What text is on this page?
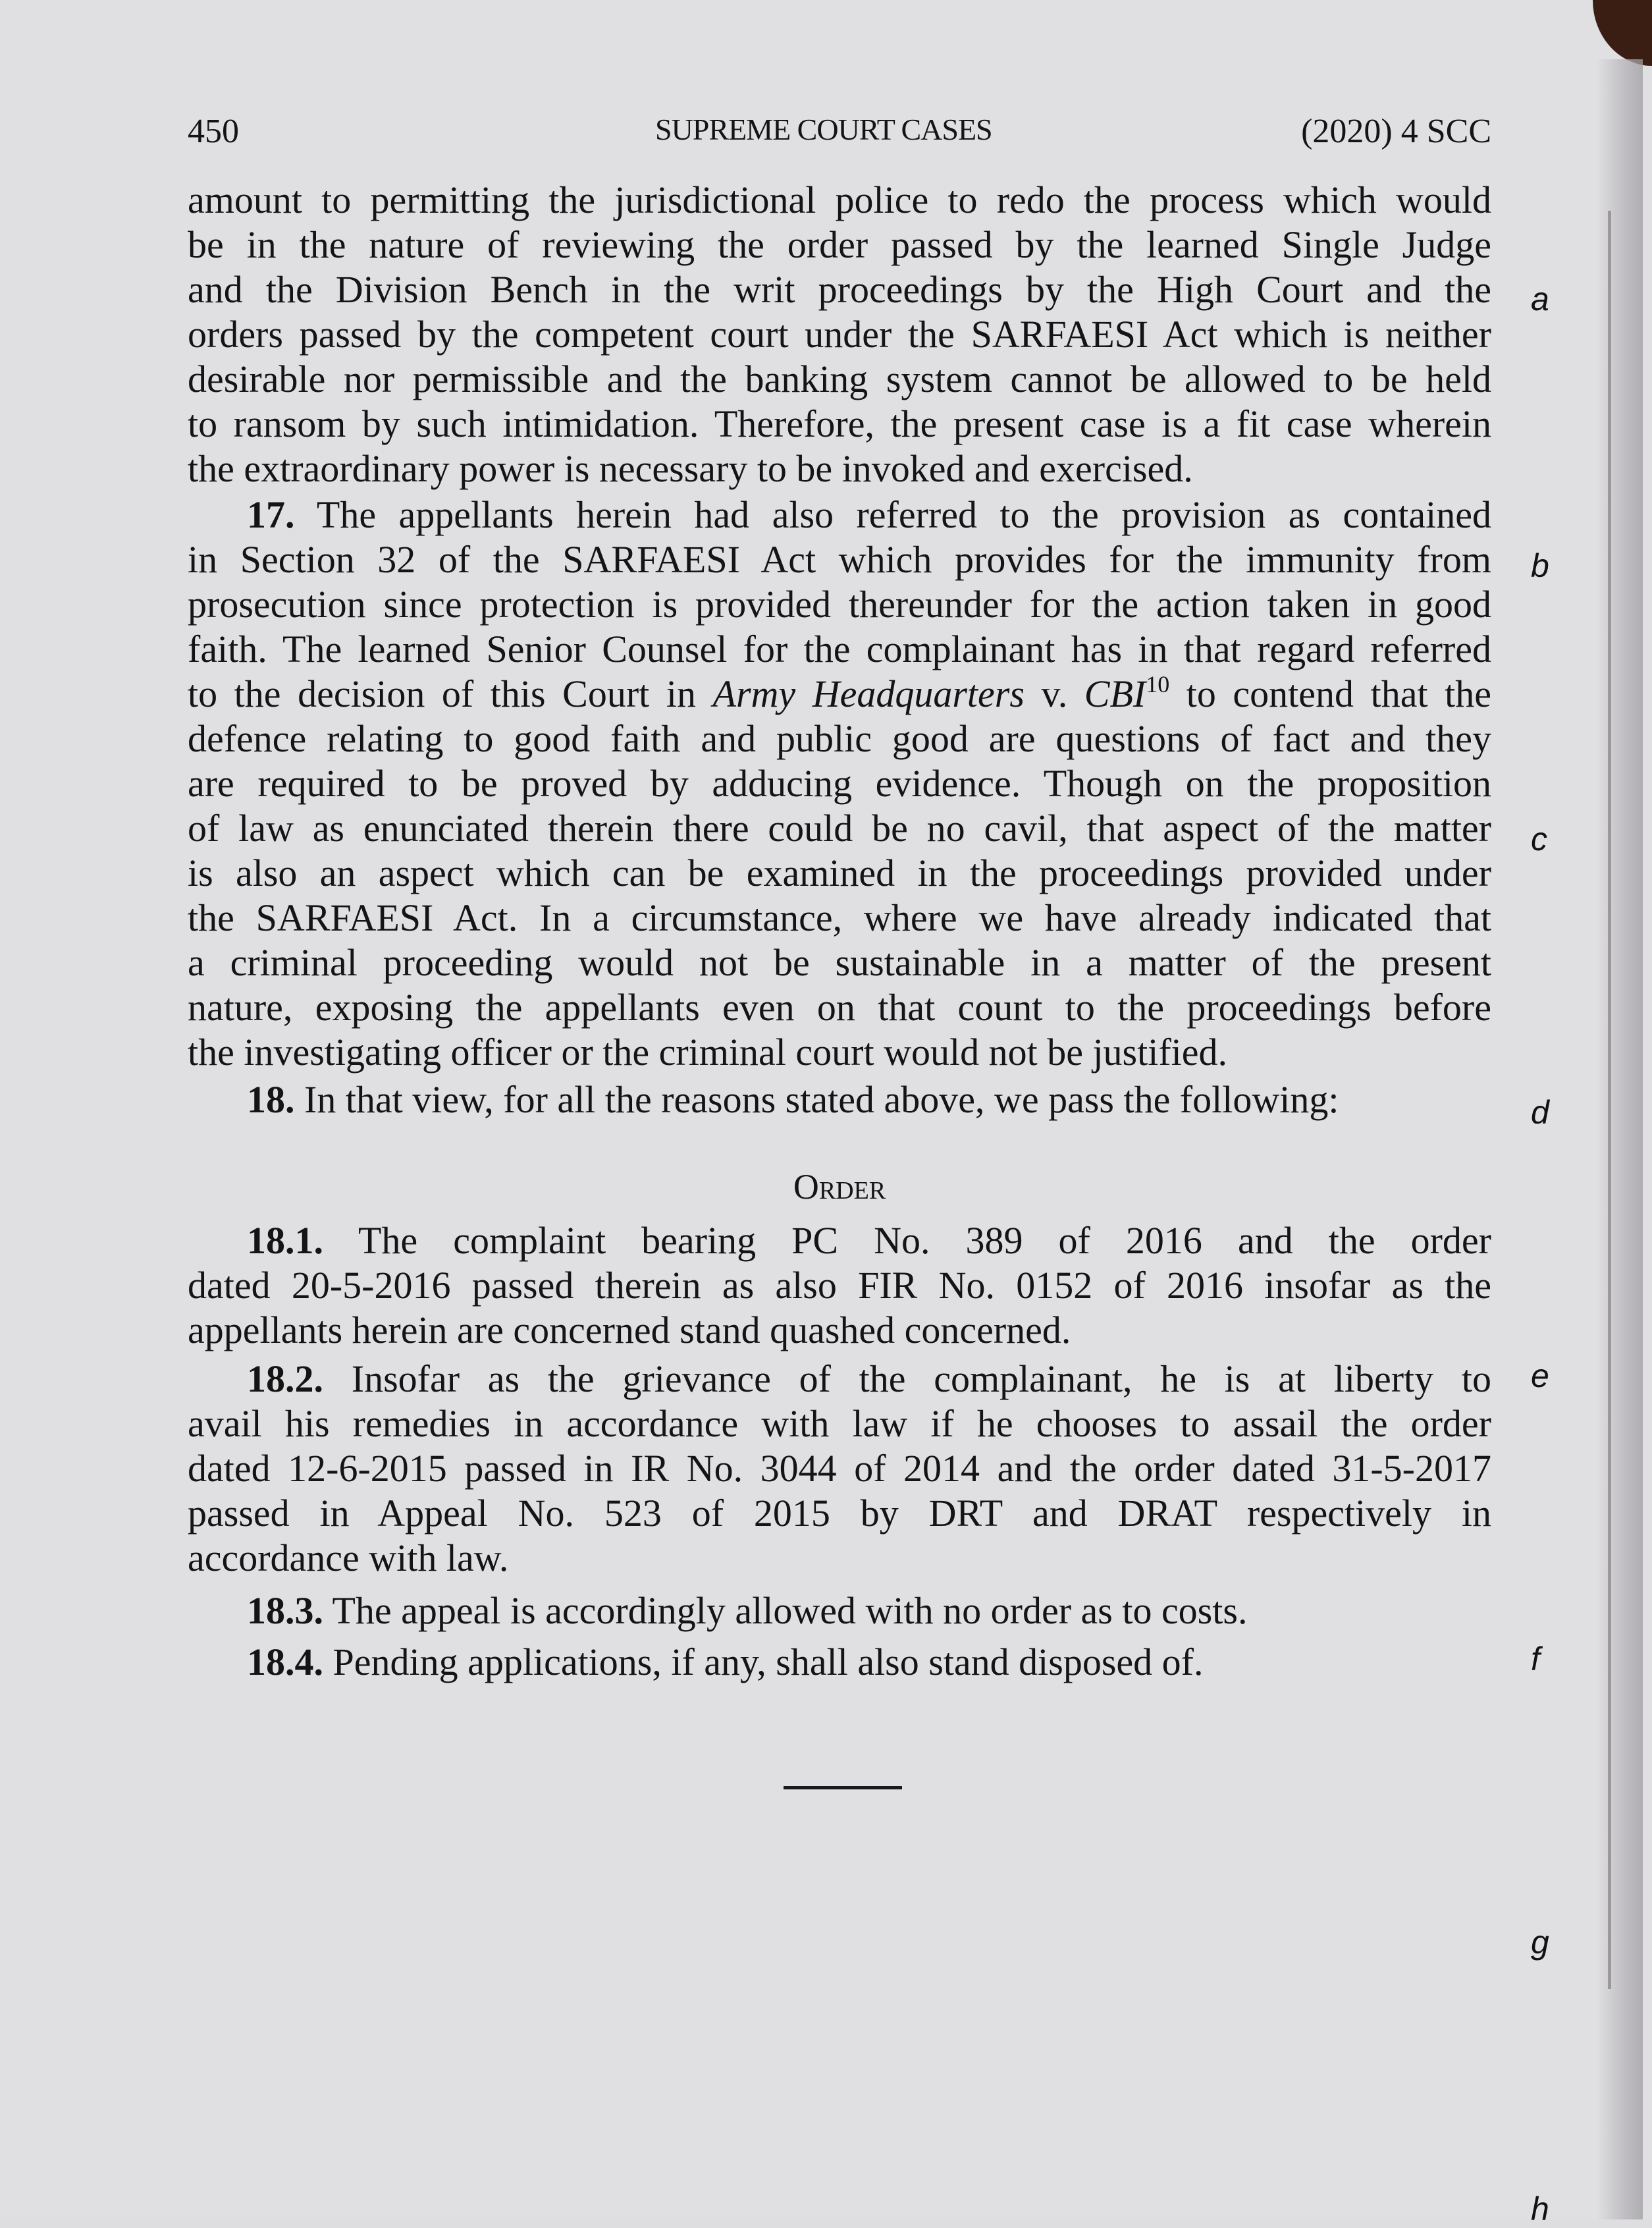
450	SUPREME COURT CASES	(2020) 4 SCC
amount to permitting the jurisdictional police to redo the process which would
be in the nature of reviewing the order passed by the learned Single Judge
and the Division Bench in the writ proceedings by the High Court and the
orders passed by the competent court under the SARFAESI Act which is neither
desirable nor permissible and the banking system cannot be allowed to be held
to ransom by such intimidation. Therefore, the present case is a fit case wherein
the extraordinary power is necessary to be invoked and exercised.
17. The appellants herein had also referred to the provision as contained
in Section 32 of the SARFAESI Act which provides for the immunity from
prosecution since protection is provided thereunder for the action taken in good
faith. The learned Senior Counsel for the complainant has in that regard referred
to the decision of this Court in Army Headquarters v. CBI$^{10}$ to contend that the
defence relating to good faith and public good are questions of fact and they
are required to be proved by adducing evidence. Though on the proposition
of law as enunciated therein there could be no cavil, that aspect of the matter
is also an aspect which can be examined in the proceedings provided under
the SARFAESI Act. In a circumstance, where we have already indicated that
a criminal proceeding would not be sustainable in a matter of the present
nature, exposing the appellants even on that count to the proceedings before
the investigating officer or the criminal court would not be justified.
18. In that view, for all the reasons stated above, we pass the following:
Order
18.1. The complaint bearing PC No. 389 of 2016 and the order
dated 20-5-2016 passed therein as also FIR No. 0152 of 2016 insofar as the
appellants herein are concerned stand quashed concerned.
18.2. Insofar as the grievance of the complainant, he is at liberty to
avail his remedies in accordance with law if he chooses to assail the order
dated 12-6-2015 passed in IR No. 3044 of 2014 and the order dated 31-5-2017
passed in Appeal No. 523 of 2015 by DRT and DRAT respectively in
accordance with law.
18.3. The appeal is accordingly allowed with no order as to costs.
18.4. Pending applications, if any, shall also stand disposed of.
a
b
c
d
e
f
g
h
